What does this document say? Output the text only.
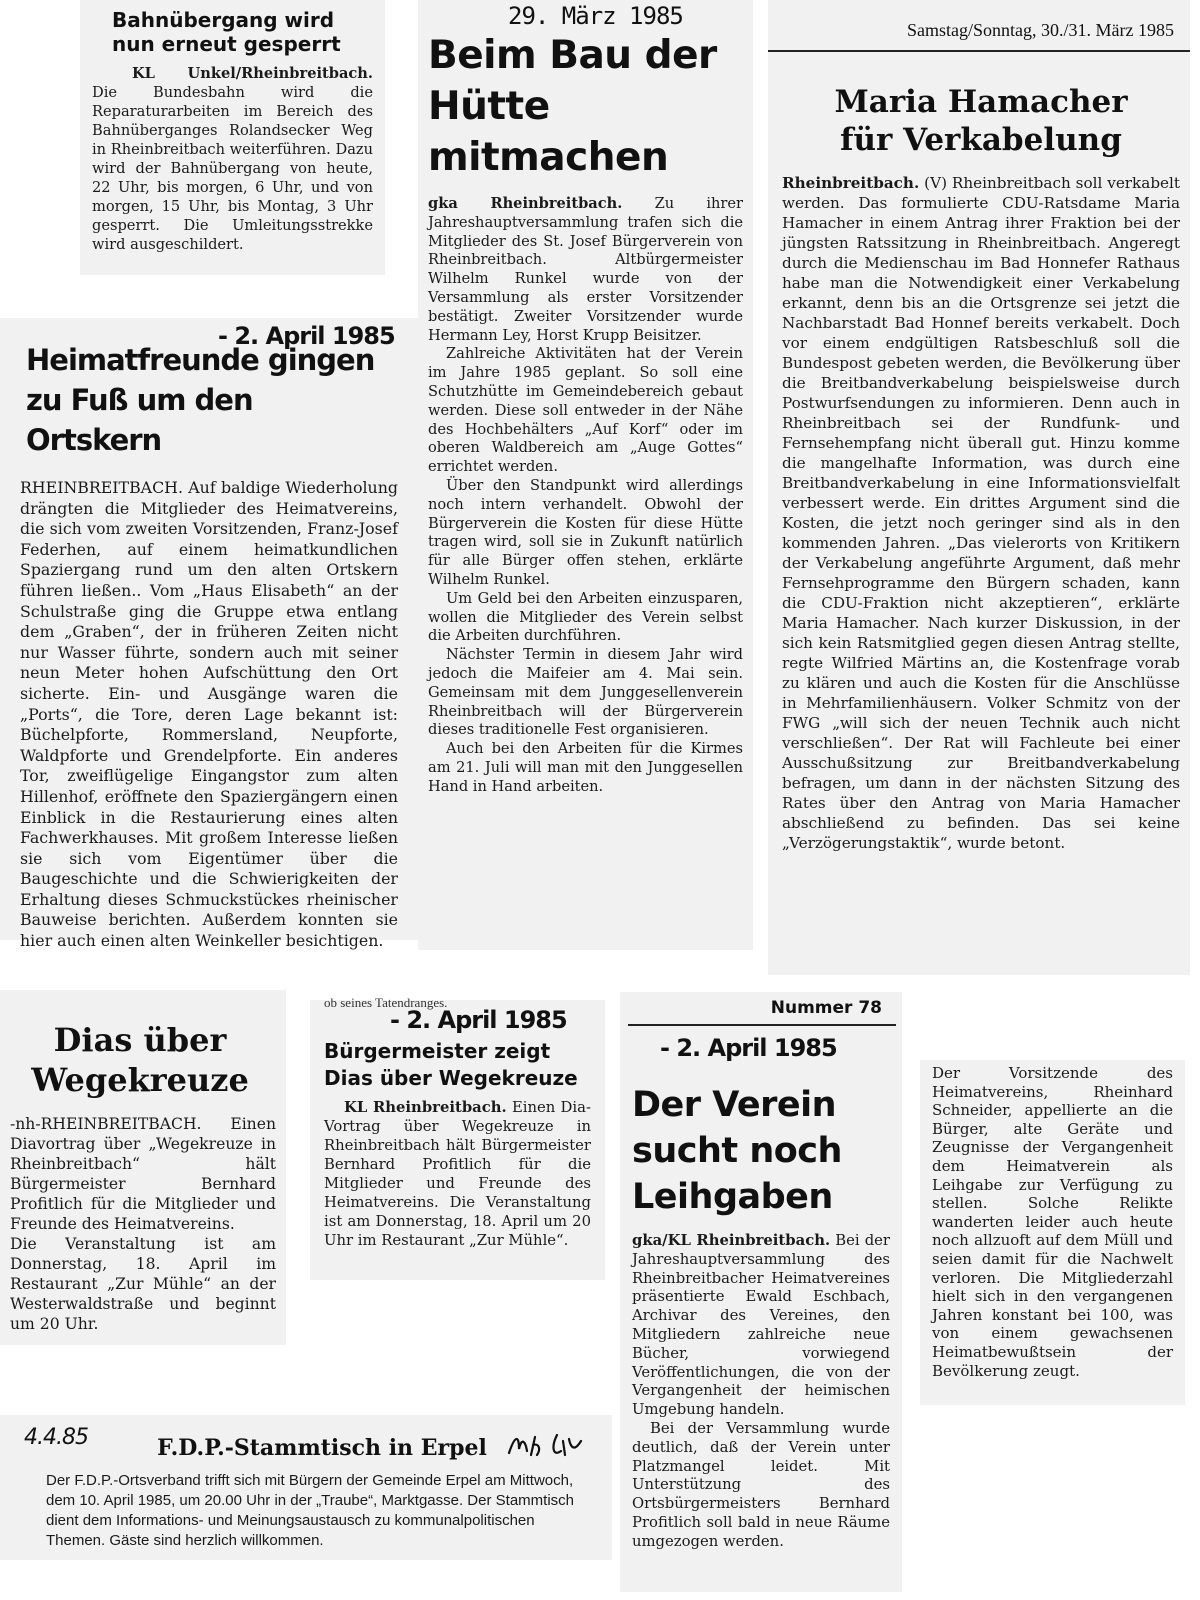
Bahnübergang wird nun erneut gesperrt
KL Unkel/Rheinbreitbach. Die Bundesbahn wird die Reparaturarbeiten im Bereich des Bahnüberganges Rolandsecker Weg in Rheinbreitbach weiterführen. Dazu wird der Bahnübergang von heute, 22 Uhr, bis morgen, 6 Uhr, und von morgen, 15 Uhr, bis Montag, 3 Uhr gesperrt. Die Umleitungsstrekke wird ausgeschildert.
29. März 1985
Beim Bau der Hütte mitmachen

gka Rheinbreitbach. Zu ihrer Jahreshauptversammlung trafen sich die Mitglieder des St. Josef Bürgerverein von Rheinbreitbach. Altbürgermeister Wilhelm Runkel wurde von der Versammlung als erster Vorsitzender bestätigt. Zweiter Vorsitzender wurde Hermann Ley, Horst Krupp Beisitzer.

Zahlreiche Aktivitäten hat der Verein im Jahre 1985 geplant. So soll eine Schutzhütte im Gemeindebereich gebaut werden. Diese soll entweder in der Nähe des Hochbehälters „Auf Korf“ oder im oberen Waldbereich am „Auge Gottes“ errichtet werden.

Über den Standpunkt wird allerdings noch intern verhandelt. Obwohl der Bürgerverein die Kosten für diese Hütte tragen wird, soll sie in Zukunft natürlich für alle Bürger offen stehen, erklärte Wilhelm Runkel.

Um Geld bei den Arbeiten einzusparen, wollen die Mitglieder des Verein selbst die Arbeiten durchführen.

Nächster Termin in diesem Jahr wird jedoch die Maifeier am 4. Mai sein. Gemeinsam mit dem Junggesellenverein Rheinbreitbach will der Bürgerverein dieses traditionelle Fest organisieren.

Auch bei den Arbeiten für die Kirmes am 21. Juli will man mit den Junggesellen Hand in Hand arbeiten.

Samstag/Sonntag, 30./31. März 1985
Maria Hamacher für Verkabelung
Rheinbreitbach. (V) Rheinbreitbach soll verkabelt werden. Das formulierte CDU-Ratsdame Maria Hamacher in einem Antrag ihrer Fraktion bei der jüngsten Ratssitzung in Rheinbreitbach. Angeregt durch die Medienschau im Bad Honnefer Rathaus habe man die Notwendigkeit einer Verkabelung erkannt, denn bis an die Ortsgrenze sei jetzt die Nachbarstadt Bad Honnef bereits verkabelt. Doch vor einem endgültigen Ratsbeschluß soll die Bundespost gebeten werden, die Bevölkerung über die Breitbandverkabelung beispielsweise durch Postwurfsendungen zu informieren. Denn auch in Rheinbreitbach sei der Rundfunk- und Fernsehempfang nicht überall gut. Hinzu komme die mangelhafte Information, was durch eine Breitbandverkabelung in eine Informationsvielfalt verbessert werde. Ein drittes Argument sind die Kosten, die jetzt noch geringer sind als in den kommenden Jahren. „Das vielerorts von Kritikern der Verkabelung angeführte Argument, daß mehr Fernsehprogramme den Bürgern schaden, kann die CDU-Fraktion nicht akzeptieren“, erklärte Maria Hamacher. Nach kurzer Diskussion, in der sich kein Ratsmitglied gegen diesen Antrag stellte, regte Wilfried Märtins an, die Kostenfrage vorab zu klären und auch die Kosten für die Anschlüsse in Mehrfamilienhäusern. Volker Schmitz von der FWG „will sich der neuen Technik auch nicht verschließen“. Der Rat will Fachleute bei einer Ausschußsitzung zur Breitbandverkabelung befragen, um dann in der nächsten Sitzung des Rates über den Antrag von Maria Hamacher abschließend zu befinden. Das sei keine „Verzögerungstaktik“, wurde betont.
- 2. April 1985
Heimatfreunde gingen zu Fuß um den Ortskern
RHEINBREITBACH. Auf baldige Wiederholung drängten die Mitglieder des Heimatvereins, die sich vom zweiten Vorsitzenden, Franz-Josef Federhen, auf einem heimatkundlichen Spaziergang rund um den alten Ortskern führen ließen.. Vom „Haus Elisabeth“ an der Schulstraße ging die Gruppe etwa entlang dem „Graben“, der in früheren Zeiten nicht nur Wasser führte, sondern auch mit seiner neun Meter hohen Aufschüttung den Ort sicherte. Ein- und Ausgänge waren die „Ports“, die Tore, deren Lage bekannt ist: Büchelpforte, Rommersland, Neupforte, Waldpforte und Grendelpforte. Ein anderes Tor, zweiflügelige Eingangstor zum alten Hillenhof, eröffnete den Spaziergängern einen Einblick in die Restaurierung eines alten Fachwerkhauses. Mit großem Interesse ließen sie sich vom Eigentümer über die Baugeschichte und die Schwierigkeiten der Erhaltung dieses Schmuckstückes rheinischer Bauweise berichten. Außerdem konnten sie hier auch einen alten Weinkeller besichtigen.
Dias über Wegekreuze

-nh-RHEINBREITBACH. Einen Diavortrag über „Wegekreuze in Rheinbreitbach“ hält Bürgermeister Bernhard Profitlich für die Mitglieder und Freunde des Heimatvereins.

Die Veranstaltung ist am Donnerstag, 18. April im Restaurant „Zur Mühle“ an der Westerwaldstraße und beginnt um 20 Uhr.

ob seines Tatendranges.
- 2. April 1985
Bürgermeister zeigt Dias über Wegekreuze
KL Rheinbreitbach. Einen Dia-Vortrag über Wegekreuze in Rheinbreitbach hält Bürgermeister Bernhard Profitlich für die Mitglieder und Freunde des Heimatvereins. Die Veranstaltung ist am Donnerstag, 18. April um 20 Uhr im Restaurant „Zur Mühle“.
Nummer 78
- 2. April 1985
Der Verein sucht noch Leihgaben

gka/KL Rheinbreitbach. Bei der Jahreshauptversammlung des Rheinbreitbacher Heimatvereines präsentierte Ewald Eschbach, Archivar des Vereines, den Mitgliedern zahlreiche neue Bücher, vorwiegend Veröffentlichungen, die von der Vergangenheit der heimischen Umgebung handeln.

Bei der Versammlung wurde deutlich, daß der Verein unter Platzmangel leidet. Mit Unterstützung des Ortsbürgermeisters Bernhard Profitlich soll bald in neue Räume umgezogen werden.

Der Vorsitzende des Heimatvereins, Rheinhard Schneider, appellierte an die Bürger, alte Geräte und Zeugnisse der Vergangenheit dem Heimatverein als Leihgabe zur Verfügung zu stellen. Solche Relikte wanderten leider auch heute noch allzuoft auf dem Müll und seien damit für die Nachwelt verloren. Die Mitgliederzahl hielt sich in den vergangenen Jahren konstant bei 100, was von einem gewachsenen Heimatbewußtsein der Bevölkerung zeugt.
4.4.85	F.D.P.-Stammtisch in Erpel
Der F.D.P.-Ortsverband trifft sich mit Bürgern der Gemeinde Erpel am Mittwoch, dem 10. April 1985, um 20.00 Uhr in der „Traube“, Marktgasse. Der Stammtisch dient dem Informations- und Meinungsaustausch zu kommunalpolitischen Themen. Gäste sind herzlich willkommen.
